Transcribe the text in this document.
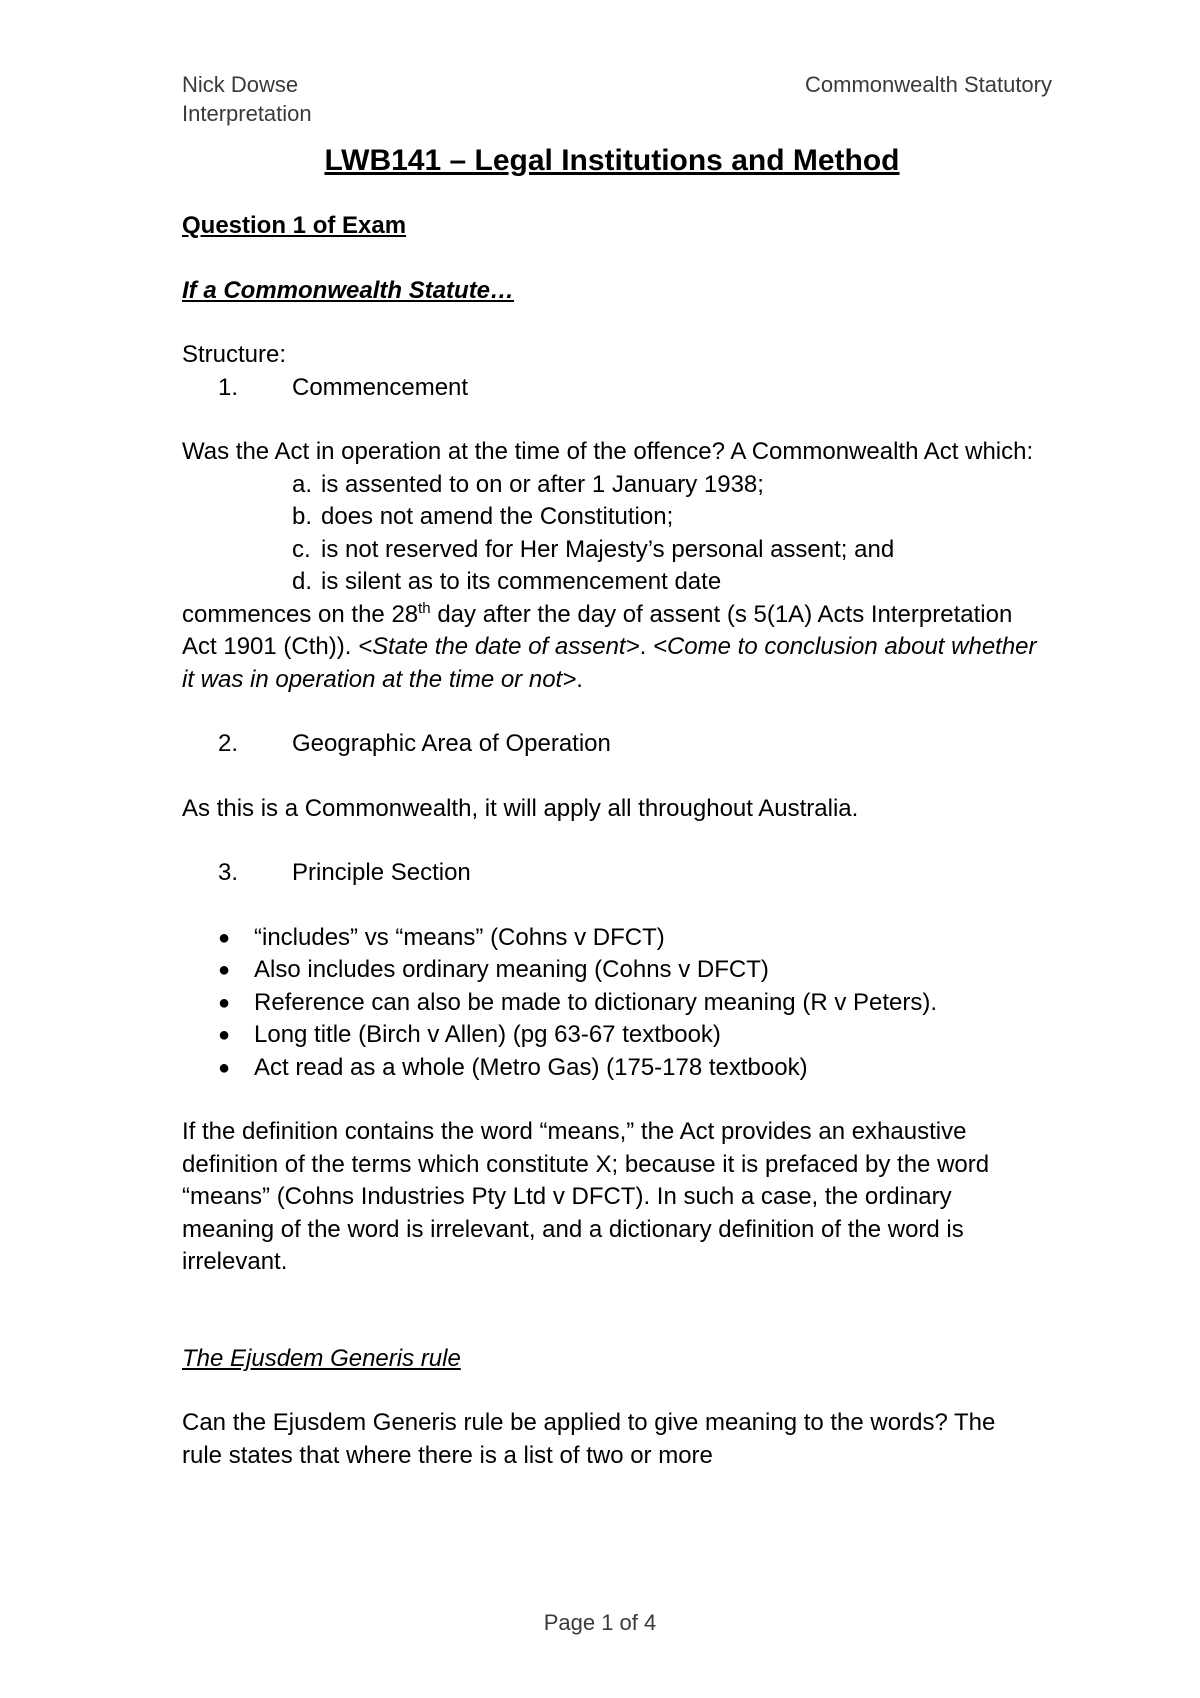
Nick Dowse	Commonwealth Statutory
Interpretation
LWB141 – Legal Institutions and Method
Question 1 of Exam
If a Commonwealth Statute…
Structure:
1.	Commencement
Was the Act in operation at the time of the offence? A Commonwealth Act which:
a. is assented to on or after 1 January 1938;
b. does not amend the Constitution;
c. is not reserved for Her Majesty’s personal assent; and
d. is silent as to its commencement date

commences on the 28th day after the day of assent (s 5(1A) Acts Interpretation Act 1901 (Cth)). <State the date of assent>. <Come to conclusion about whether it was in operation at the time or not>.

2.	Geographic Area of Operation

As this is a Commonwealth, it will apply all throughout Australia.

3.	Principle Section
● “includes” vs “means” (Cohns v DFCT)
● Also includes ordinary meaning (Cohns v DFCT)
● Reference can also be made to dictionary meaning (R v Peters).
● Long title (Birch v Allen) (pg 63-67 textbook)
● Act read as a whole (Metro Gas) (175-178 textbook)

If the definition contains the word “means,” the Act provides an exhaustive definition of the terms which constitute X; because it is prefaced by the word “means” (Cohns Industries Pty Ltd v DFCT). In such a case, the ordinary meaning of the word is irrelevant, and a dictionary definition of the word is irrelevant.

The Ejusdem Generis rule

Can the Ejusdem Generis rule be applied to give meaning to the words? The rule states that where there is a list of two or more

Page 1 of 4
